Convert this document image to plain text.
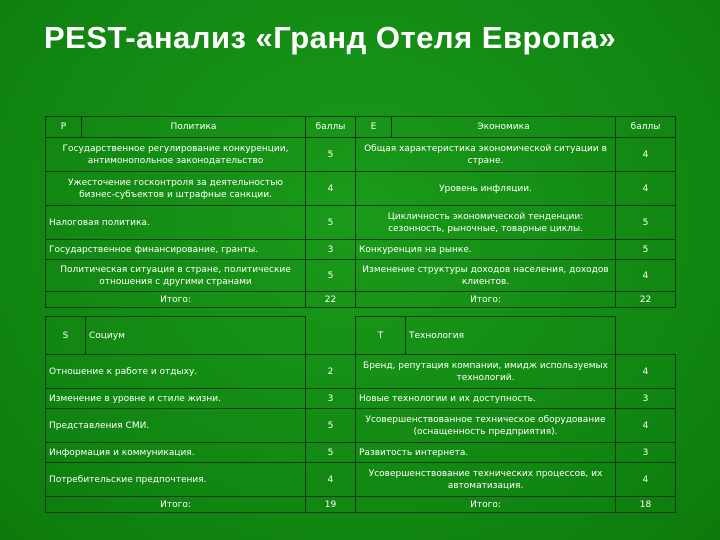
PEST-анализ «Гранд Отеля Европа»
P	Политика	баллы	E	Экономика	баллы
Государственное регулирование конкуренции, антимонопольное законодательство		5	Общая характеристика экономической ситуации в стране.		4
Ужесточение госконтроля за деятельностью бизнес-субъектов и штрафные санкции.		4	Уровень инфляции.		4
Налоговая политика.		5	Цикличность экономической тенденции: сезонность, рыночные, товарные циклы.		5
Государственное финансирование, гранты.		3	Конкуренция на рынке.		5
Политическая ситуация в стране, политические отношения с другими странами		5	Изменение структуры доходов населения, доходов клиентов.		4
Итого:		22	Итого:		22
S	Социум		T	Технология	
Отношение к работе и отдыху.		2	Бренд, репутация компании, имидж используемых технологий.		4
Изменение в уровне и стиле жизни.		3	Новые технологии и их доступность.		3
Представления СМИ.		5	Усовершенствованное техническое оборудование (оснащенность предприятия).		4
Информация и коммуникация.		5	Развитость интернета.		3
Потребительские предпочтения.		4	Усовершенствование технических процессов, их автоматизация.		4
Итого:		19	Итого:		18
